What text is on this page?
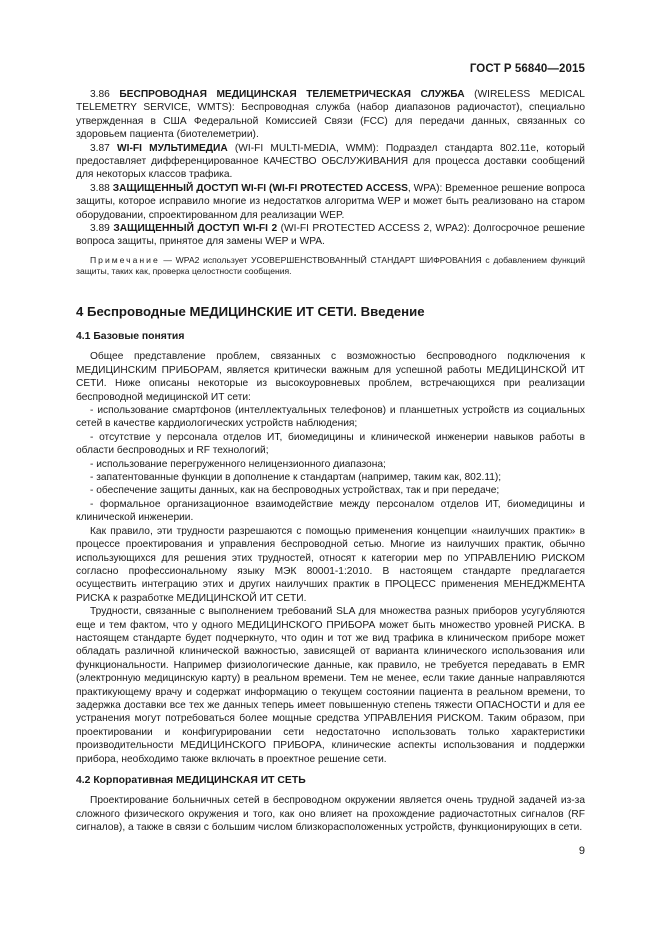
ГОСТ Р 56840—2015

3.86 БЕСПРОВОДНАЯ МЕДИЦИНСКАЯ ТЕЛЕМЕТРИЧЕСКАЯ СЛУЖБА (WIRELESS MEDICAL TELEMETRY SERVICE, WMTS): Беспроводная служба (набор диапазонов радиочастот), специально утвержденная в США Федеральной Комиссией Связи (FCC) для передачи данных, связанных со здоровьем пациента (биотелеметрии).

3.87 WI-FI МУЛЬТИМЕДИА (WI-FI MULTI-MEDIA, WMM): Подраздел стандарта 802.11е, который предоставляет дифференцированное КАЧЕСТВО ОБСЛУЖИВАНИЯ для процесса доставки сообщений для некоторых классов трафика.

3.88 ЗАЩИЩЕННЫЙ ДОСТУП WI-FI (WI-FI PROTECTED ACCESS, WPA): Временное решение вопроса защиты, которое исправило многие из недостатков алгоритма WEP и может быть реализовано на старом оборудовании, спроектированном для реализации WEP.

3.89 ЗАЩИЩЕННЫЙ ДОСТУП WI-FI 2 (WI-FI PROTECTED ACCESS 2, WPA2): Долгосрочное решение вопроса защиты, принятое для замены WEP и WPA.

Примечание — WPA2 использует УСОВЕРШЕНСТВОВАННЫЙ СТАНДАРТ ШИФРОВАНИЯ с добавлением функций защиты, таких как, проверка целостности сообщения.

4 Беспроводные МЕДИЦИНСКИЕ ИТ СЕТИ. Введение
4.1 Базовые понятия

Общее представление проблем, связанных с возможностью беспроводного подключения к МЕДИЦИНСКИМ ПРИБОРАМ, является критически важным для успешной работы МЕДИЦИНСКОЙ ИТ СЕТИ. Ниже описаны некоторые из высокоуровневых проблем, встречающихся при реализации беспроводной медицинской ИТ сети:

- использование смартфонов (интеллектуальных телефонов) и планшетных устройств из социальных сетей в качестве кардиологических устройств наблюдения;

- отсутствие у персонала отделов ИТ, биомедицины и клинической инженерии навыков работы в области беспроводных и RF технологий;

- использование перегруженного нелицензионного диапазона;

- запатентованные функции в дополнение к стандартам (например, таким как, 802.11);

- обеспечение защиты данных, как на беспроводных устройствах, так и при передаче;

- формальное организационное взаимодействие между персоналом отделов ИТ, биомедицины и клинической инженерии.

Как правило, эти трудности разрешаются с помощью применения концепции «наилучших практик» в процессе проектирования и управления беспроводной сетью. Многие из наилучших практик, обычно использующихся для решения этих трудностей, относят к категории мер по УПРАВЛЕНИЮ РИСКОМ согласно профессиональному языку МЭК 80001-1:2010. В настоящем стандарте предлагается осуществить интеграцию этих и других наилучших практик в ПРОЦЕСС применения МЕНЕДЖМЕНТА РИСКА к разработке МЕДИЦИНСКОЙ ИТ СЕТИ.

Трудности, связанные с выполнением требований SLA для множества разных приборов усугубляются еще и тем фактом, что у одного МЕДИЦИНСКОГО ПРИБОРА может быть множество уровней РИСКА. В настоящем стандарте будет подчеркнуто, что один и тот же вид трафика в клиническом приборе может обладать различной клинической важностью, зависящей от варианта клинического использования или функциональности. Например физиологические данные, как правило, не требуется передавать в EMR (электронную медицинскую карту) в реальном времени. Тем не менее, если такие данные направляются практикующему врачу и содержат информацию о текущем состоянии пациента в реальном времени, то задержка доставки все тех же данных теперь имеет повышенную степень тяжести ОПАСНОСТИ и для ее устранения могут потребоваться более мощные средства УПРАВЛЕНИЯ РИСКОМ. Таким образом, при проектировании и конфигурировании сети недостаточно использовать только характеристики производительности МЕДИЦИНСКОГО ПРИБОРА, клинические аспекты использования и поддержки прибора, необходимо также включать в проектное решение сети.

4.2 Корпоративная МЕДИЦИНСКАЯ ИТ СЕТЬ

Проектирование больничных сетей в беспроводном окружении является очень трудной задачей из-за сложного физического окружения и того, как оно влияет на прохождение радиочастотных сигналов (RF сигналов), а также в связи с большим числом близкорасположенных устройств, функционирующих в сети.

9
